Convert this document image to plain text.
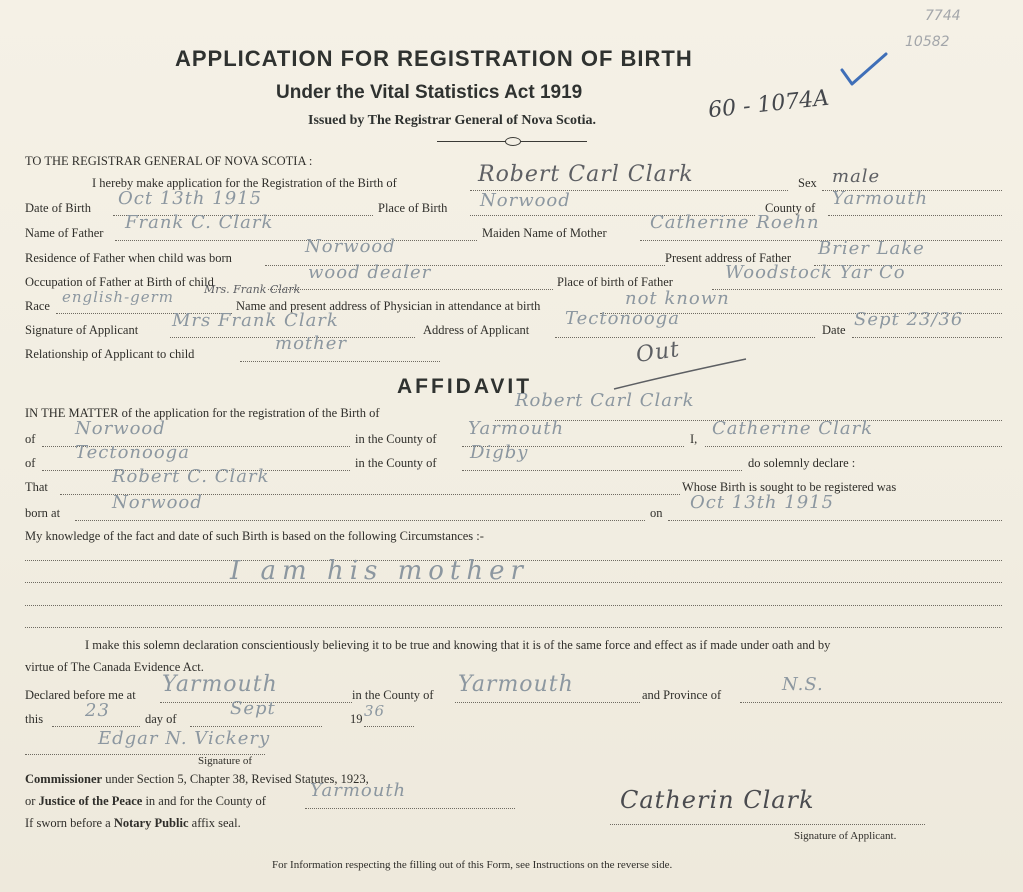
7744
10582
60 - 1074A
APPLICATION FOR REGISTRATION OF BIRTH
Under the Vital Statistics Act 1919
Issued by The Registrar General of Nova Scotia.
TO THE REGISTRAR GENERAL OF NOVA SCOTIA :
I hereby make application for the Registration of the Birth of	Robert Carl Clark	Sex male
Date of Birth Oct 13th 1915	Place of Birth Norwood	County of Yarmouth
Name of Father Frank C. Clark	Maiden Name of Mother Catherine Roehn
Residence of Father when child was born
Norwood
Present address of Father Brier Lake
Occupation of Father at Birth of child	wood dealer	Place of birth of Father	Woodstock Yar Co
Race english-germ	Mrs. Frank Clark
Name and present address of Physician in attendance at birth	not known
Signature of Applicant Mrs Frank Clark	Address of Applicant
Tectonooga
Date Sept 23/36
Relationship of Applicant to child	mother
AFFIDAVIT
Out
IN THE MATTER of the application for the registration of the Birth of
Robert Carl Clark
of Norwood	in the County of Yarmouth	I, Catherine Clark
of Tectonooga	in the County of Digby	do solemnly declare :
That	Robert C. Clark	Whose Birth is sought to be registered was
born at	Norwood	on Oct 13th 1915
My knowledge of the fact and date of such Birth is based on the following Circumstances :-
I am his mother
I make this solemn declaration conscientiously believing it to be true and knowing that it is of the same force and effect as if made under oath and by
virtue of The Canada Evidence Act.
Declared before me at Yarmouth	in the County of Yarmouth	and Province of	N.S.
this 23	day of	Sept	19 36
Edgar N. Vickery
Signature of
Commissioner under Section 5, Chapter 38, Revised Statutes, 1923,
or Justice of the Peace in and for the County of Yarmouth
If sworn before a Notary Public affix seal.
Catherin Clark
Signature of Applicant.
For Information respecting the filling out of this Form, see Instructions on the reverse side.
